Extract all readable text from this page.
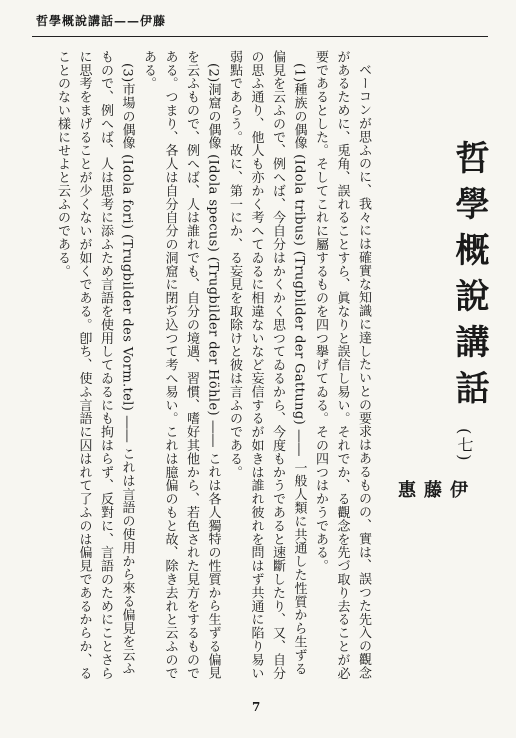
哲學概說講話——伊藤
哲學概說講話
(七)
伊
藤
惠

ベーコンが思ふのに、我々には確實な知識に達したいとの要求はあるものの、實は、誤つた先入の觀念があるために、兎角、誤れることすら、眞なりと誤信し易い。それでか、る觀念を先づ取り去ることが必要であるとした。そしてこれに屬するものを四つ擧げてゐる。その四つはかうである。

(1)種族の偶像 (Idola tribus) (Trugbilder der Gattung) ―― 一般人類に共通した性質から生ずる偏見を云ふので、例へば、今自分はかくかく思つてゐるから、今度もかうであると速斷したり、又、自分の思ふ通り、他人も亦かく考へてゐるに相違ないなど妄信するが如きは誰れ彼れを問はず共通に陷り易い弱點であらう。故に、第一にか、る妄見を取除けと彼は言ふのである。

(2)洞窟の偶像 (Idola specus) (Trugbilder der Höhle) ―― これは各人獨特の性質から生ずる偏見を云ふもので、例へば、人は誰れでも、自分の境遇、習慣、嗜好其他から、若色された見方をするものである。つまり、各人は自分自分の洞窟に閉ぢ込つて考へ易い。これは臆偏のもと故、除き去れと云ふのである。

(3)市場の偶像 (Idola fori) (Trugbilder des Vorm.tel) ―― これは言語の使用から來る偏見を云ふもので、例へば、人は思考に添ふため言語を使用してゐるにも拘はらず、反對に、言語のためにことさらに思考をまげることが少くないが如くである。卽ち、使ふ言語に囚はれて了ふのは偏見であるからか、ることのない樣にせよと云ふのである。

7
